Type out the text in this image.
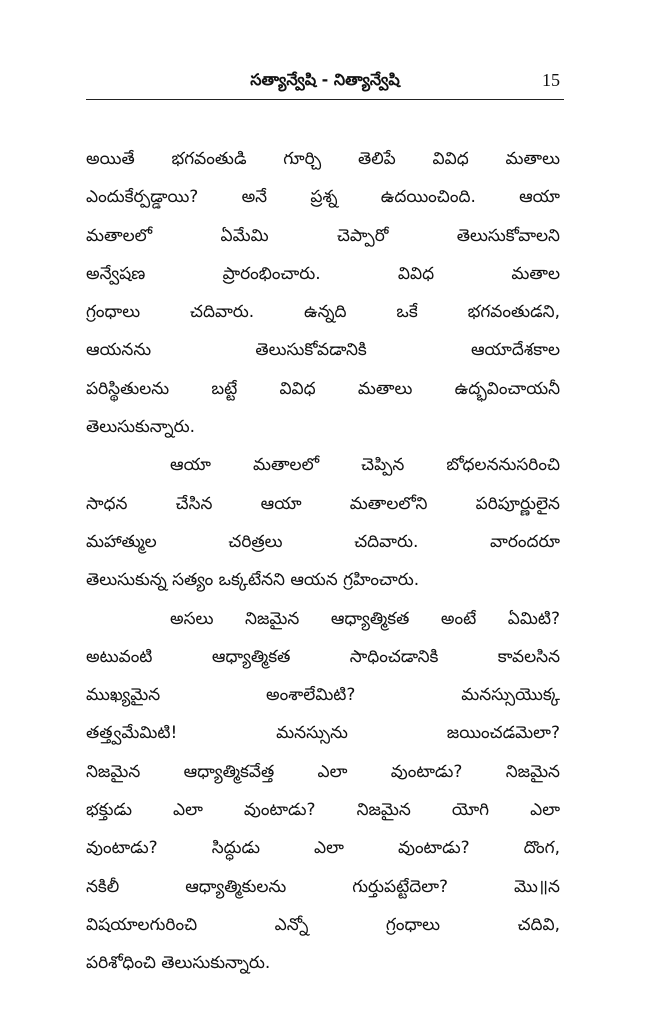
సత్యాన్వేషి - నిత్యాన్వేషి	15
అయితే భగవంతుడి గూర్చి తెలిపే వివిధ మతాలు
ఎందుకేర్పడ్డాయి? అనే ప్రశ్న ఉదయించింది. ఆయా
మతాలలో ఏమేమి చెప్పారో తెలుసుకోవాలని
అన్వేషణ ప్రారంభించారు. వివిధ మతాల
గ్రంధాలు చదివారు. ఉన్నది ఒకే భగవంతుడని,
ఆయనను తెలుసుకోవడానికి ఆయాదేశకాల
పరిస్థితులను బట్టే వివిధ మతాలు ఉద్భవించాయనీ
తెలుసుకున్నారు.
ఆయా మతాలలో చెప్పిన బోధలననుసరించి
సాధన చేసిన ఆయా మతాలలోని పరిపూర్ణులైన
మహాత్ముల చరిత్రలు చదివారు. వారందరూ
తెలుసుకున్న సత్యం ఒక్కటేనని ఆయన గ్రహించారు.
అసలు నిజమైన ఆధ్యాత్మికత అంటే ఏమిటి?
అటువంటి ఆధ్యాత్మికత సాధించడానికి కావలసిన
ముఖ్యమైన అంశాలేమిటి? మనస్సుయొక్క
తత్త్వమేమిటి! మనస్సును జయించడమెలా?
నిజమైన ఆధ్యాత్మికవేత్త ఎలా వుంటాడు? నిజమైన
భక్తుడు ఎలా వుంటాడు? నిజమైన యోగి ఎలా
వుంటాడు? సిద్ధుడు ఎలా వుంటాడు? దొంగ,
నకిలీ ఆధ్యాత్మికులను గుర్తుపట్టేదెలా? మొ॥న
విషయాలగురించి ఎన్నో గ్రంధాలు చదివి,
పరిశోధించి తెలుసుకున్నారు.
